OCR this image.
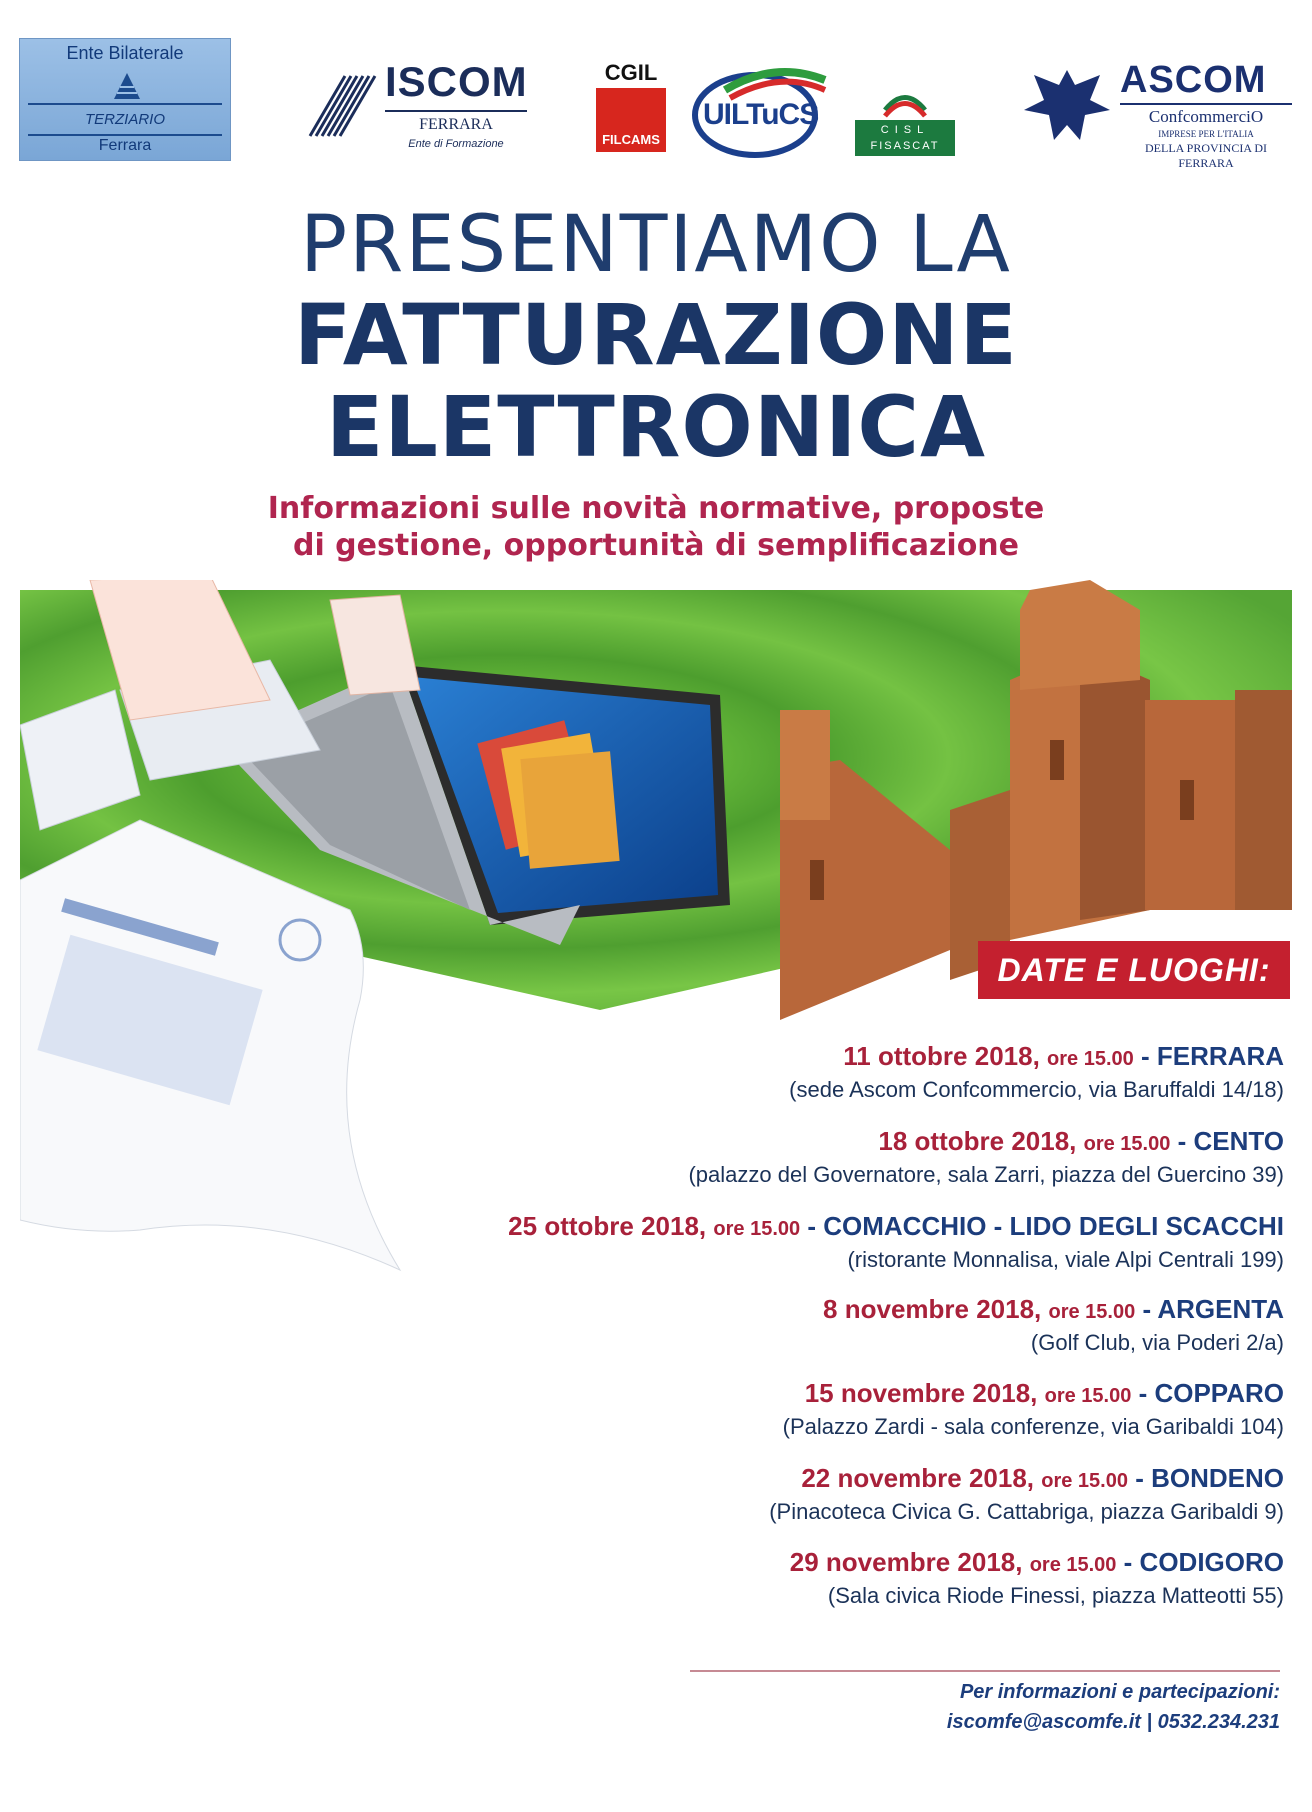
Ente Bilaterale
TERZIARIO
Ferrara
ISCOM
FERRARA
Ente di Formazione
CGIL
FILCAMS
UILTuCS	CISL
FISASCAT
ASCOM
ConfcommerciO
IMPRESE PER L'ITALIA
DELLA PROVINCIA DI FERRARA
PRESENTIAMO LA
FATTURAZIONE
ELETTRONICA
Informazioni sulle novità normative, proposte
di gestione, opportunità di semplificazione
DATE E LUOGHI:
11 ottobre 2018, ore 15.00 - FERRARA
(sede Ascom Confcommercio, via Baruffaldi 14/18)
18 ottobre 2018, ore 15.00 - CENTO
(palazzo del Governatore, sala Zarri, piazza del Guercino 39)
25 ottobre 2018, ore 15.00 - COMACCHIO - LIDO DEGLI SCACCHI
(ristorante Monnalisa, viale Alpi Centrali 199)
8 novembre 2018, ore 15.00 - ARGENTA
(Golf Club, via Poderi 2/a)
15 novembre 2018, ore 15.00 - COPPARO
(Palazzo Zardi - sala conferenze, via Garibaldi 104)
22 novembre 2018, ore 15.00 - BONDENO
(Pinacoteca Civica G. Cattabriga, piazza Garibaldi 9)
29 novembre 2018, ore 15.00 - CODIGORO
(Sala civica Riode Finessi, piazza Matteotti 55)
Per informazioni e partecipazioni:
iscomfe@ascomfe.it | 0532.234.231
